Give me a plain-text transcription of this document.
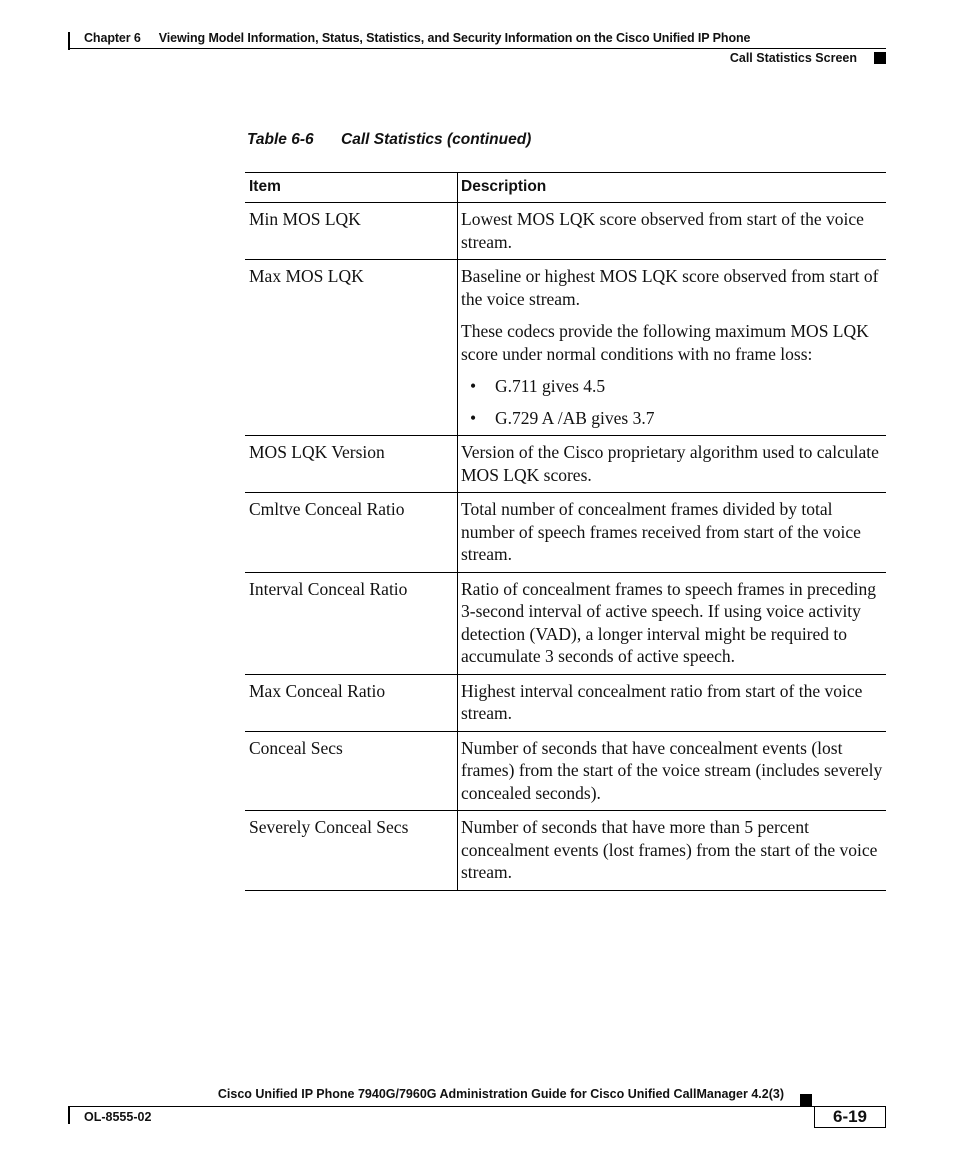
Chapter 6 Viewing Model Information, Status, Statistics, and Security Information on the Cisco Unified IP Phone
Call Statistics Screen
Table 6-6 Call Statistics (continued)
Item	Description
Min MOS LQK	Lowest MOS LQK score observed from start of the voice stream.

Max MOS LQK	Baseline or highest MOS LQK score observed from start of the voice stream.

These codecs provide the following maximum MOS LQK score under normal conditions with no frame loss:

• G.711 gives 4.5
• G.729 A /AB gives 3.7
MOS LQK Version	Version of the Cisco proprietary algorithm used to calculate MOS LQK scores.

Cmltve Conceal Ratio	Total number of concealment frames divided by total number of speech frames received from start of the voice stream.

Interval Conceal Ratio	Ratio of concealment frames to speech frames in preceding 3-second interval of active speech. If using voice activity detection (VAD), a longer interval might be required to accumulate 3 seconds of active speech.

Max Conceal Ratio	Highest interval concealment ratio from start of the voice stream.

Conceal Secs	Number of seconds that have concealment events (lost frames) from the start of the voice stream (includes severely concealed seconds).

Severely Conceal Secs	Number of seconds that have more than 5 percent concealment events (lost frames) from the start of the voice stream.

Cisco Unified IP Phone 7940G/7960G Administration Guide for Cisco Unified CallManager 4.2(3)
OL-8555-02	6-19
